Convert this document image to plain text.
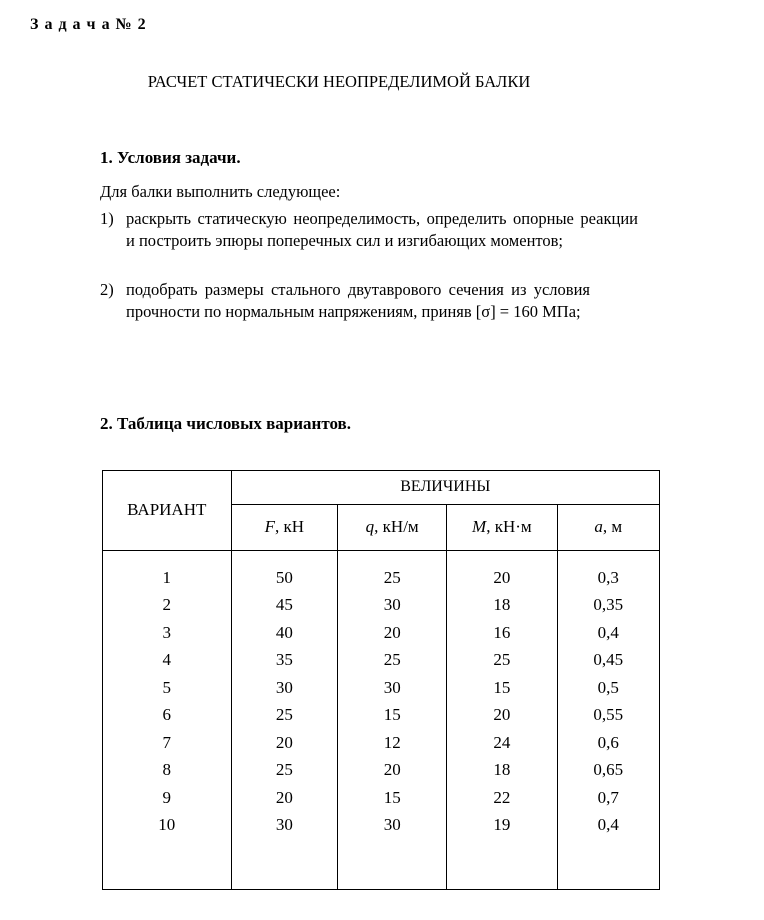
З а д а ч а № 2
РАСЧЕТ СТАТИЧЕСКИ НЕОПРЕДЕЛИМОЙ БАЛКИ
1. Условия задачи.
Для балки выполнить следующее:
1) раскрыть статическую неопределимость, определить опорные реакции и построить эпюры поперечных сил и изгибающих моментов;
2) подобрать размеры стального двутаврового сечения из условия прочности по нормальным напряжениям, приняв [σ] = 160 МПа;
2. Таблица числовых вариантов.
ВАРИАНТ	ВЕЛИЧИНЫ			
	F, кН	q, кН/м	M, кН·м	a, м
1	50	25	20	0,3
2	45	30	18	0,35
3	40	20	16	0,4
4	35	25	25	0,45
5	30	30	15	0,5
6	25	15	20	0,55
7	20	12	24	0,6
8	25	20	18	0,65
9	20	15	22	0,7
10	30	30	19	0,4
